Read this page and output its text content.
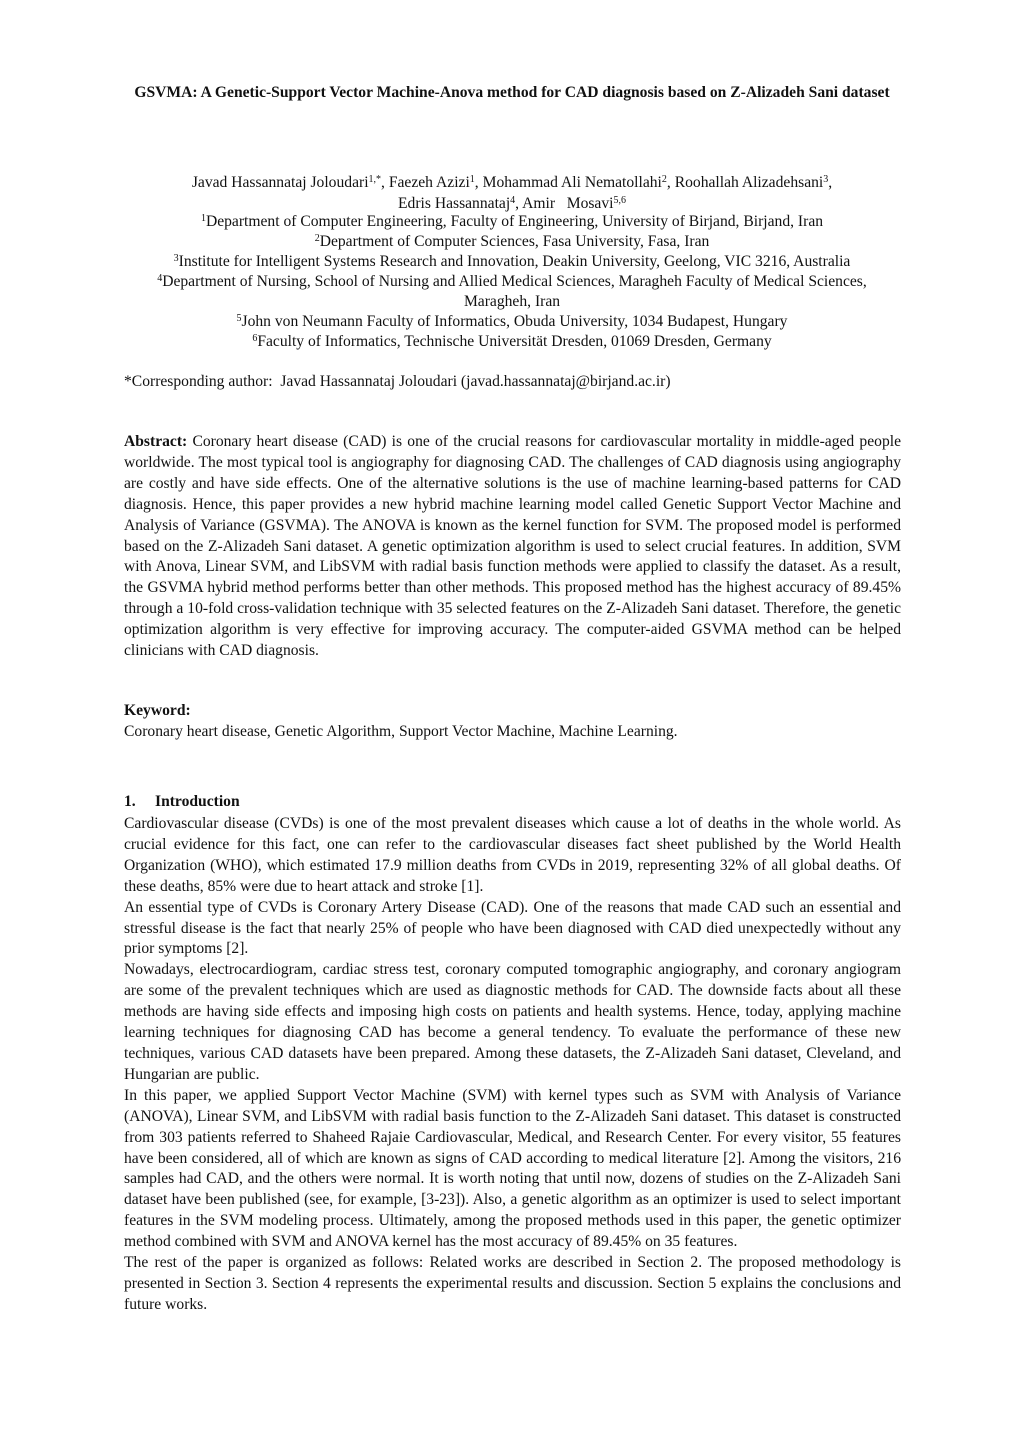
GSVMA: A Genetic-Support Vector Machine-Anova method for CAD diagnosis based on Z-Alizadeh Sani dataset
Javad Hassannataj Joloudari$^{1,*}$, Faezeh Azizi$^1$, Mohammad Ali Nematollahi$^2$, Roohallah Alizadehsani$^3$,
Edris Hassannataj$^4$, Amir   Mosavi$^{5,6}$
$^1$Department of Computer Engineering, Faculty of Engineering, University of Birjand, Birjand, Iran
$^2$Department of Computer Sciences, Fasa University, Fasa, Iran
$^3$Institute for Intelligent Systems Research and Innovation, Deakin University, Geelong, VIC 3216, Australia
$^4$Department of Nursing, School of Nursing and Allied Medical Sciences, Maragheh Faculty of Medical Sciences, Maragheh, Iran
$^5$John von Neumann Faculty of Informatics, Obuda University, 1034 Budapest, Hungary
$^6$Faculty of Informatics, Technische Universität Dresden, 01069 Dresden, Germany
*Corresponding author:  Javad Hassannataj Joloudari (javad.hassannataj@birjand.ac.ir)
Abstract: Coronary heart disease (CAD) is one of the crucial reasons for cardiovascular mortality in middle-aged people worldwide. The most typical tool is angiography for diagnosing CAD. The challenges of CAD diagnosis using angiography are costly and have side effects. One of the alternative solutions is the use of machine learning-based patterns for CAD diagnosis. Hence, this paper provides a new hybrid machine learning model called Genetic Support Vector Machine and Analysis of Variance (GSVMA). The ANOVA is known as the kernel function for SVM. The proposed model is performed based on the Z-Alizadeh Sani dataset. A genetic optimization algorithm is used to select crucial features. In addition, SVM with Anova, Linear SVM, and LibSVM with radial basis function methods were applied to classify the dataset. As a result, the GSVMA hybrid method performs better than other methods. This proposed method has the highest accuracy of 89.45% through a 10-fold cross-validation technique with 35 selected features on the Z-Alizadeh Sani dataset. Therefore, the genetic optimization algorithm is very effective for improving accuracy. The computer-aided GSVMA method can be helped clinicians with CAD diagnosis.
Keyword:
Coronary heart disease, Genetic Algorithm, Support Vector Machine, Machine Learning.
1. Introduction

Cardiovascular disease (CVDs) is one of the most prevalent diseases which cause a lot of deaths in the whole world. As crucial evidence for this fact, one can refer to the cardiovascular diseases fact sheet published by the World Health Organization (WHO), which estimated 17.9 million deaths from CVDs in 2019, representing 32% of all global deaths. Of these deaths, 85% were due to heart attack and stroke [1].

An essential type of CVDs is Coronary Artery Disease (CAD). One of the reasons that made CAD such an essential and stressful disease is the fact that nearly 25% of people who have been diagnosed with CAD died unexpectedly without any prior symptoms [2].

Nowadays, electrocardiogram, cardiac stress test, coronary computed tomographic angiography, and coronary angiogram are some of the prevalent techniques which are used as diagnostic methods for CAD. The downside facts about all these methods are having side effects and imposing high costs on patients and health systems. Hence, today, applying machine learning techniques for diagnosing CAD has become a general tendency. To evaluate the performance of these new techniques, various CAD datasets have been prepared. Among these datasets, the Z-Alizadeh Sani dataset, Cleveland, and Hungarian are public.

In this paper, we applied Support Vector Machine (SVM) with kernel types such as SVM with Analysis of Variance (ANOVA), Linear SVM, and LibSVM with radial basis function to the Z-Alizadeh Sani dataset. This dataset is constructed from 303 patients referred to Shaheed Rajaie Cardiovascular, Medical, and Research Center. For every visitor, 55 features have been considered, all of which are known as signs of CAD according to medical literature [2]. Among the visitors, 216 samples had CAD, and the others were normal. It is worth noting that until now, dozens of studies on the Z-Alizadeh Sani dataset have been published (see, for example, [3-23]). Also, a genetic algorithm as an optimizer is used to select important features in the SVM modeling process. Ultimately, among the proposed methods used in this paper, the genetic optimizer method combined with SVM and ANOVA kernel has the most accuracy of 89.45% on 35 features.

The rest of the paper is organized as follows: Related works are described in Section 2. The proposed methodology is presented in Section 3. Section 4 represents the experimental results and discussion. Section 5 explains the conclusions and future works.
